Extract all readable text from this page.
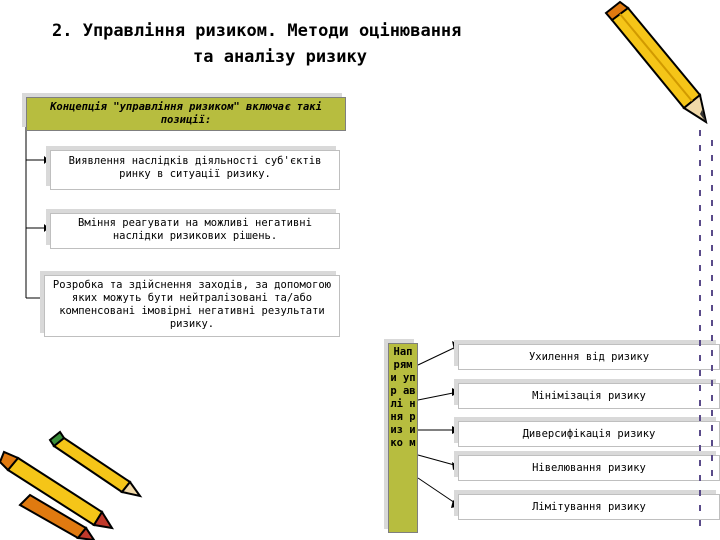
2. Управління ризиком. Методи оцінювання
та аналізу ризику
Концепція "управління ризиком" включає такі позиції:
Виявлення наслідків діяльності суб'єктів ринку в ситуації ризику.
Вміння реагувати на можливі негативні наслідки ризикових рішень.
Розробка та здійснення заходів, за допомогою яких можуть бути нейтралізовані та/або компенсовані імовірні негативні результати ризику.
Нап рям и упр авлі ння риз ико м
Ухилення від ризику
Мінімізація ризику
Диверсифікація ризику
Нівелювання ризику
Лімітування ризику
